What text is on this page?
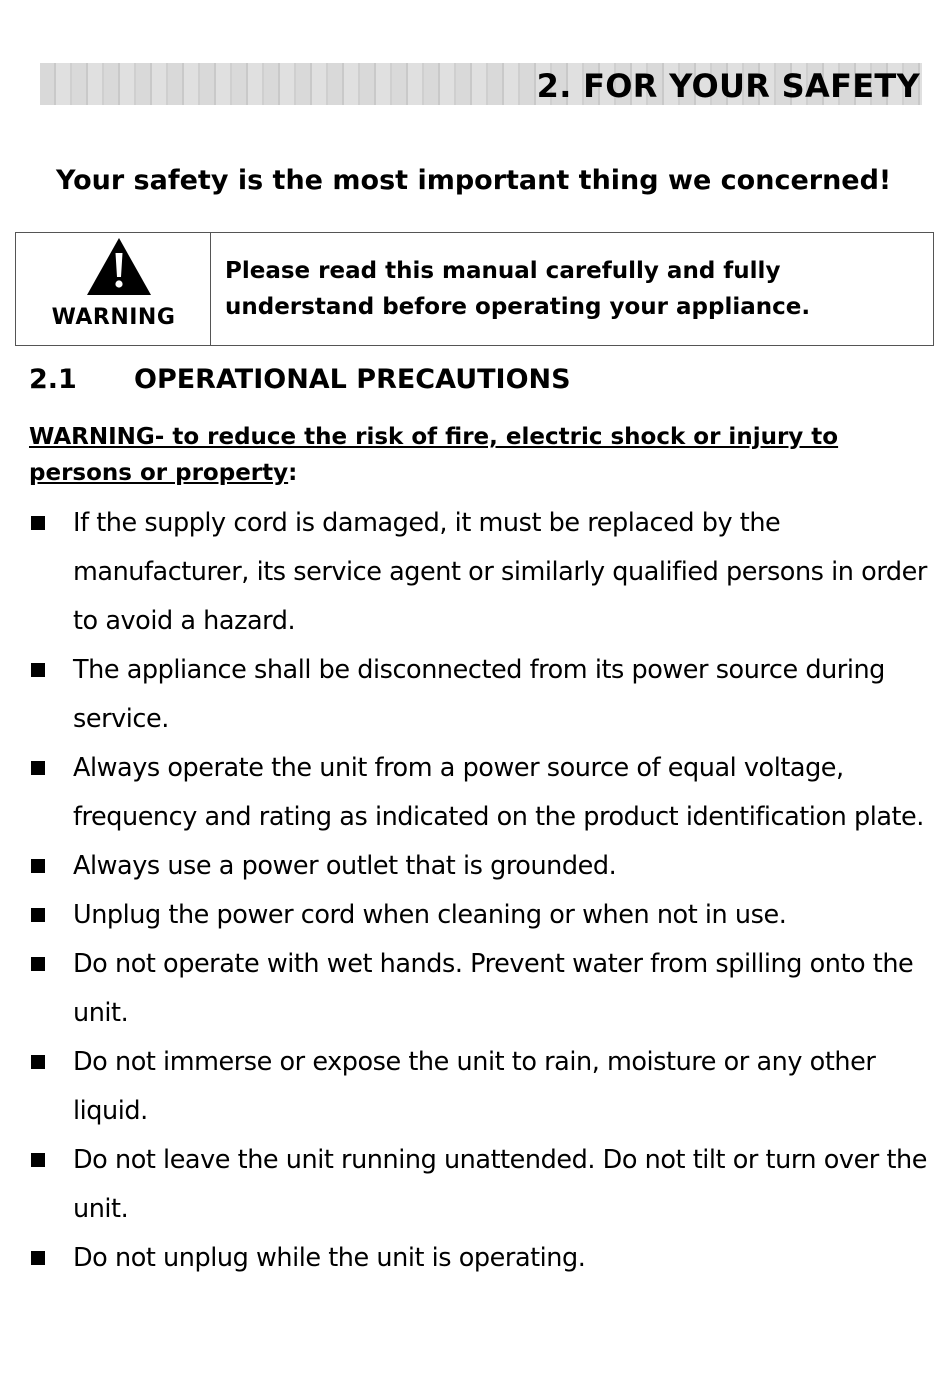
2. FOR YOUR SAFETY
Your safety is the most important thing we concerned!
WARNING
Please read this manual carefully and fully
understand before operating your appliance.
2.1 OPERATIONAL PRECAUTIONS
WARNING- to reduce the risk of fire, electric shock or injury to persons or property:
If the supply cord is damaged, it must be replaced by the manufacturer, its service agent or similarly qualified persons in order to avoid a hazard.
The appliance shall be disconnected from its power source during service.
Always operate the unit from a power source of equal voltage, frequency and rating as indicated on the product identification plate.
Always use a power outlet that is grounded.
Unplug the power cord when cleaning or when not in use.
Do not operate with wet hands. Prevent water from spilling onto the unit.
Do not immerse or expose the unit to rain, moisture or any other liquid.
Do not leave the unit running unattended. Do not tilt or turn over the unit.
Do not unplug while the unit is operating.
